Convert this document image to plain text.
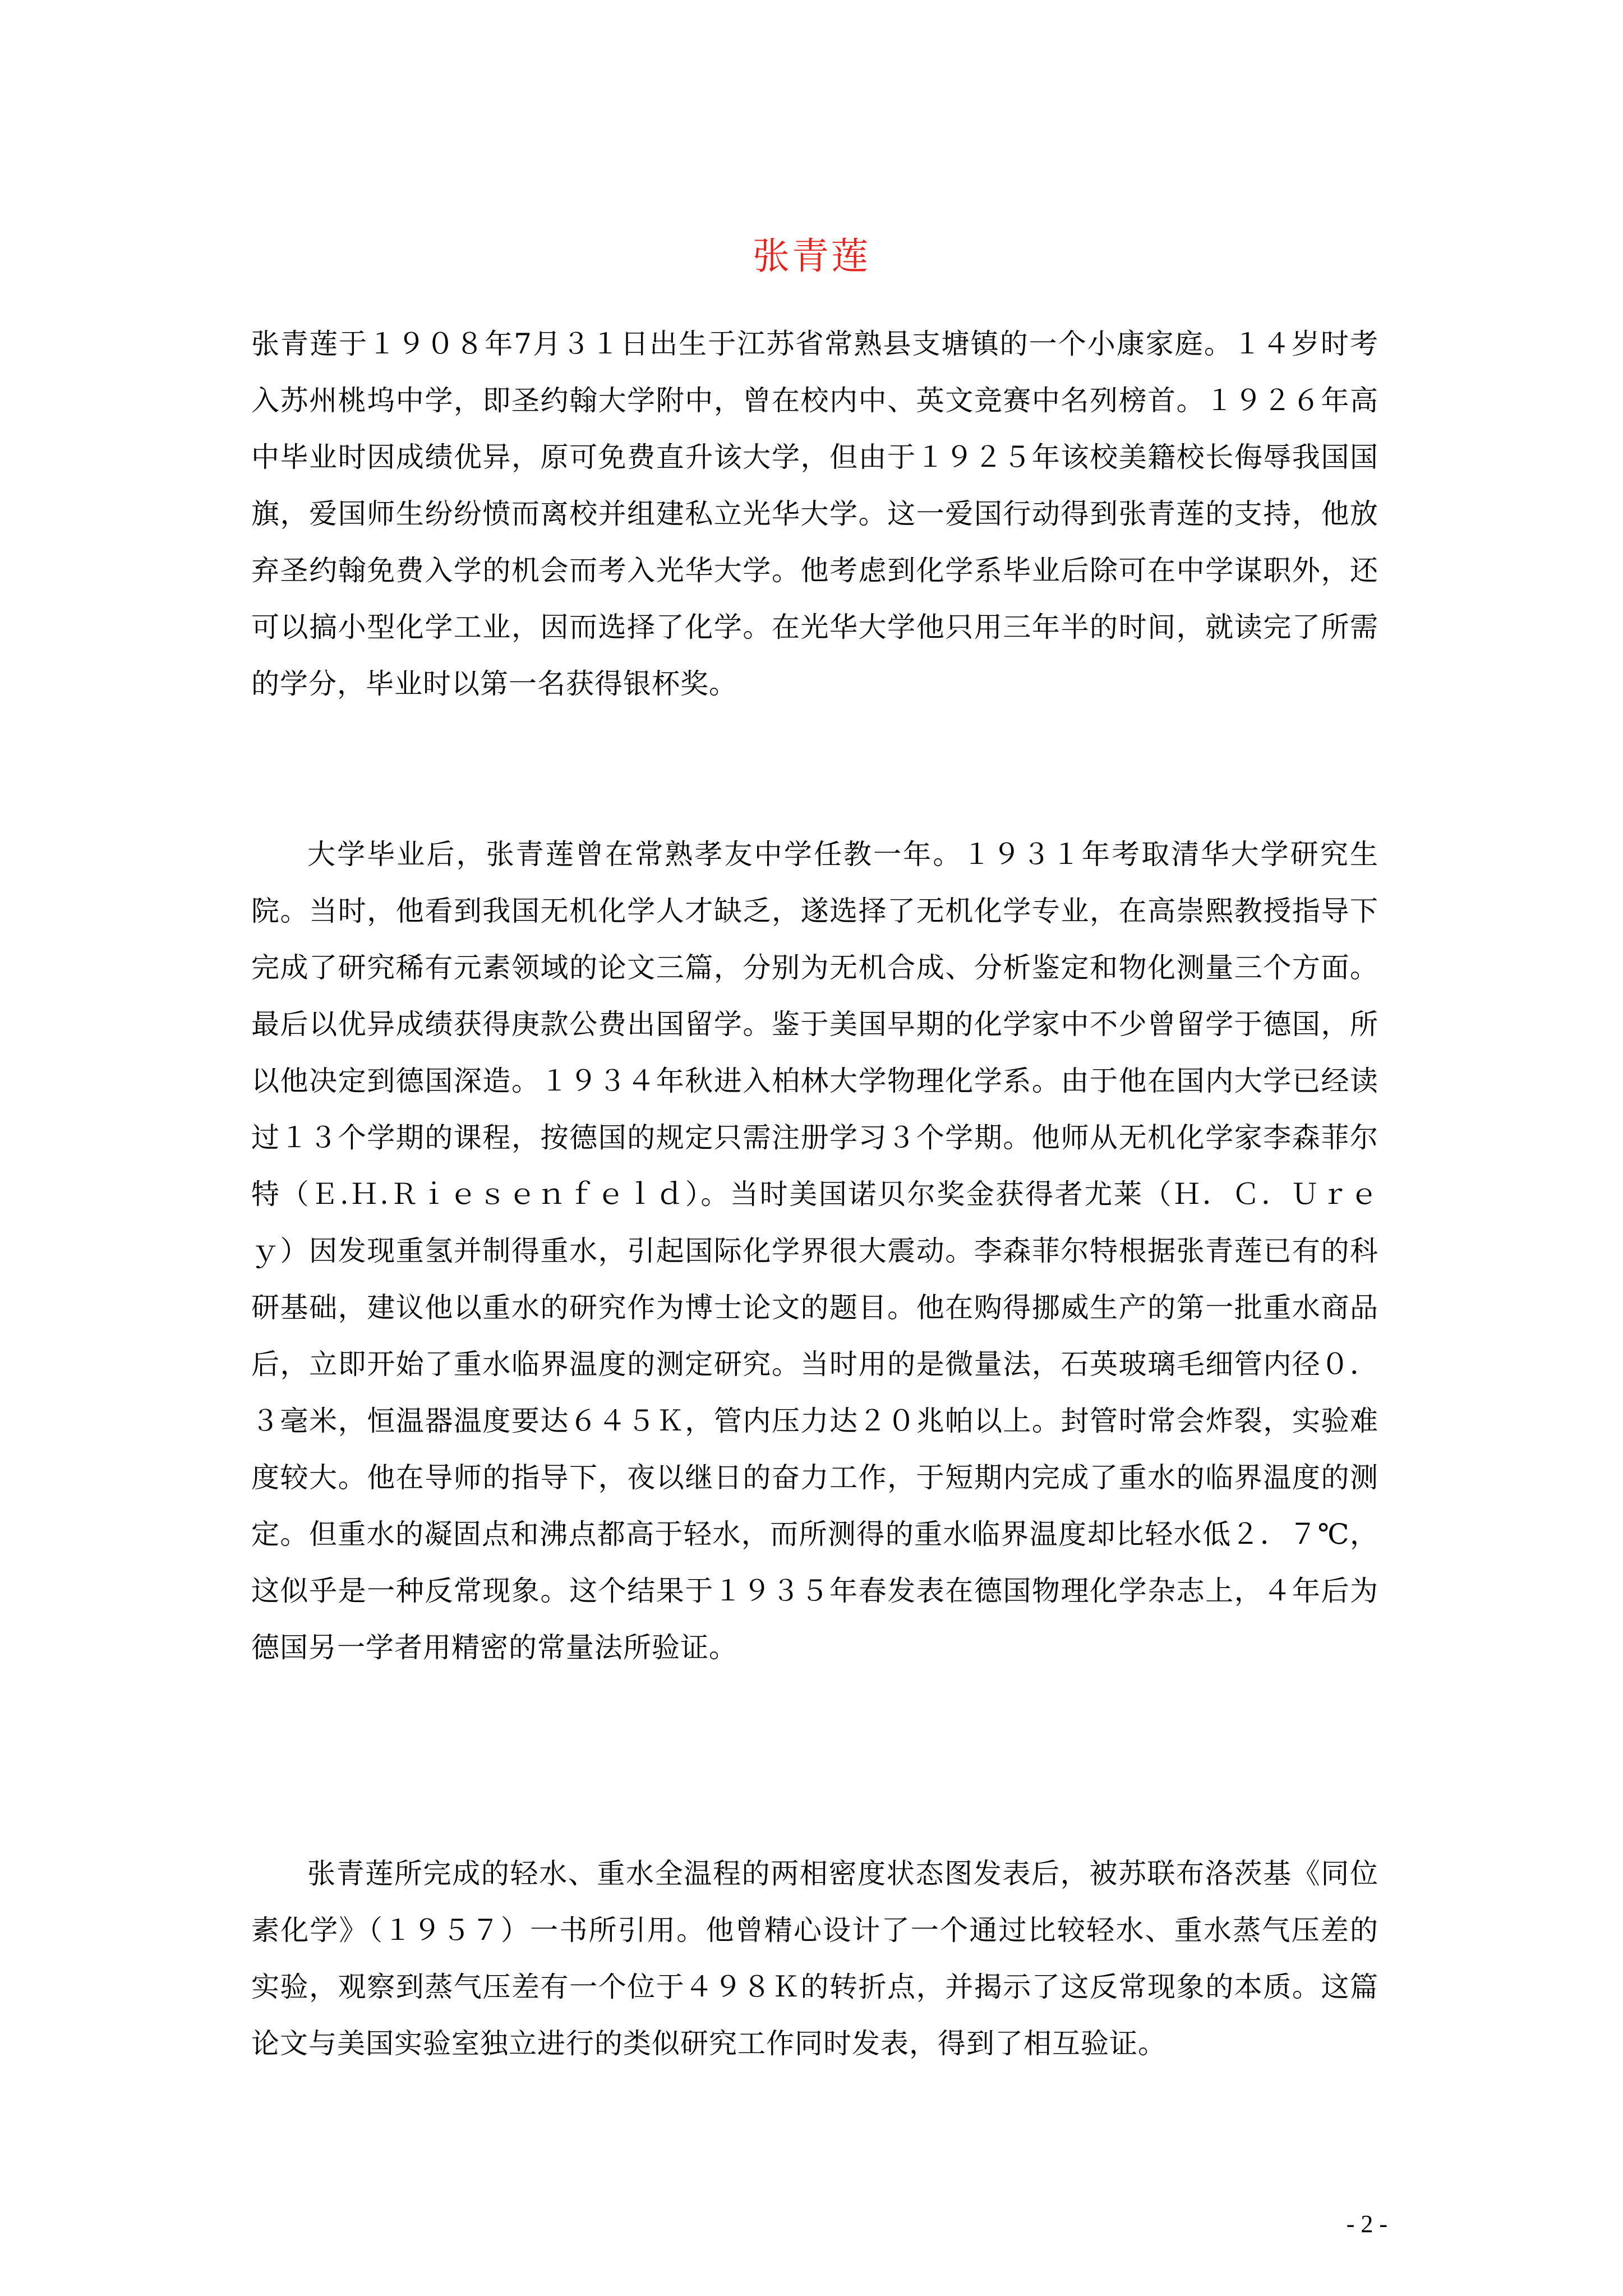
张青莲

张青莲于１９０８年7月３１日出生于江苏省常熟县支塘镇的一个小康家庭。１４岁时考入苏州桃坞中学，即圣约翰大学附中，曾在校内中、英文竞赛中名列榜首。１９２６年高中毕业时因成绩优异，原可免费直升该大学，但由于１９２５年该校美籍校长侮辱我国国旗，爱国师生纷纷愤而离校并组建私立光华大学。这一爱国行动得到张青莲的支持，他放弃圣约翰免费入学的机会而考入光华大学。他考虑到化学系毕业后除可在中学谋职外，还可以搞小型化学工业，因而选择了化学。在光华大学他只用三年半的时间，就读完了所需的学分，毕业时以第一名获得银杯奖。

大学毕业后，张青莲曾在常熟孝友中学任教一年。１９３１年考取清华大学研究生院。当时，他看到我国无机化学人才缺乏，遂选择了无机化学专业，在高崇熙教授指导下完成了研究稀有元素领域的论文三篇，分别为无机合成、分析鉴定和物化测量三个方面。最后以优异成绩获得庚款公费出国留学。鉴于美国早期的化学家中不少曾留学于德国，所以他决定到德国深造。１９３４年秋进入柏林大学物理化学系。由于他在国内大学已经读过１３个学期的课程，按德国的规定只需注册学习３个学期。他师从无机化学家李森菲尔特（Ｅ.Ｈ.Ｒｉｅｓｅｎｆｅｌｄ）。当时美国诺贝尔奖金获得者尤莱（Ｈ．Ｃ．Ｕｒｅｙ）因发现重氢并制得重水，引起国际化学界很大震动。李森菲尔特根据张青莲已有的科研基础，建议他以重水的研究作为博士论文的题目。他在购得挪威生产的第一批重水商品后，立即开始了重水临界温度的测定研究。当时用的是微量法，石英玻璃毛细管内径０．３毫米，恒温器温度要达６４５Ｋ，管内压力达２０兆帕以上。封管时常会炸裂，实验难度较大。他在导师的指导下，夜以继日的奋力工作，于短期内完成了重水的临界温度的测定。但重水的凝固点和沸点都高于轻水，而所测得的重水临界温度却比轻水低２．７℃，这似乎是一种反常现象。这个结果于１９３５年春发表在德国物理化学杂志上，４年后为德国另一学者用精密的常量法所验证。

张青莲所完成的轻水、重水全温程的两相密度状态图发表后，被苏联布洛茨基《同位素化学》（１９５７）一书所引用。他曾精心设计了一个通过比较轻水、重水蒸气压差的实验，观察到蒸气压差有一个位于４９８Ｋ的转折点，并揭示了这反常现象的本质。这篇论文与美国实验室独立进行的类似研究工作同时发表，得到了相互验证。

- 2 -
